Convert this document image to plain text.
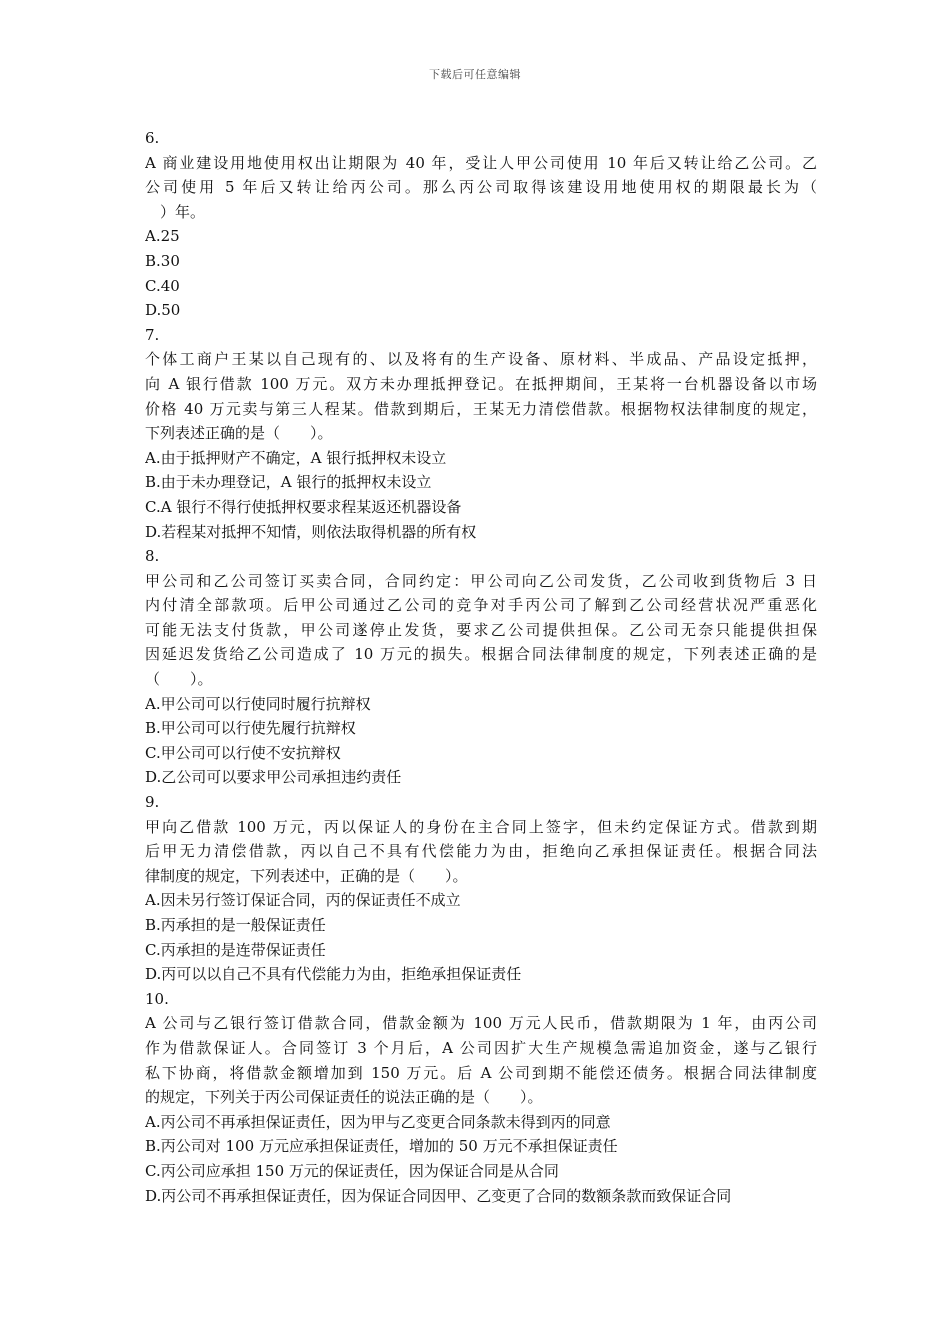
下载后可任意编辑
6.
A 商业建设用地使用权出让期限为 40 年，受让人甲公司使用 10 年后又转让给乙公司。乙
公司使用 5 年后又转让给丙公司。那么丙公司取得该建设用地使用权的期限最长为（
　）年。
A.25
B.30
C.40
D.50
7.
个体工商户王某以自己现有的、以及将有的生产设备、原材料、半成品、产品设定抵押，
向 A 银行借款 100 万元。双方未办理抵押登记。在抵押期间，王某将一台机器设备以市场
价格 40 万元卖与第三人程某。借款到期后，王某无力清偿借款。根据物权法律制度的规定，
下列表述正确的是（　　）。
A.由于抵押财产不确定，A 银行抵押权未设立
B.由于未办理登记，A 银行的抵押权未设立
C.A 银行不得行使抵押权要求程某返还机器设备
D.若程某对抵押不知情，则依法取得机器的所有权
8.
甲公司和乙公司签订买卖合同，合同约定：甲公司向乙公司发货，乙公司收到货物后 3 日
内付清全部款项。后甲公司通过乙公司的竞争对手丙公司了解到乙公司经营状况严重恶化
可能无法支付货款，甲公司遂停止发货，要求乙公司提供担保。乙公司无奈只能提供担保
因延迟发货给乙公司造成了 10 万元的损失。根据合同法律制度的规定，下列表述正确的是
（　　）。
A.甲公司可以行使同时履行抗辩权
B.甲公司可以行使先履行抗辩权
C.甲公司可以行使不安抗辩权
D.乙公司可以要求甲公司承担违约责任
9.
甲向乙借款 100 万元，丙以保证人的身份在主合同上签字，但未约定保证方式。借款到期
后甲无力清偿借款，丙以自己不具有代偿能力为由，拒绝向乙承担保证责任。根据合同法
律制度的规定，下列表述中，正确的是（　　）。
A.因未另行签订保证合同，丙的保证责任不成立
B.丙承担的是一般保证责任
C.丙承担的是连带保证责任
D.丙可以以自己不具有代偿能力为由，拒绝承担保证责任
10.
A 公司与乙银行签订借款合同，借款金额为 100 万元人民币，借款期限为 1 年，由丙公司
作为借款保证人。合同签订 3 个月后，A 公司因扩大生产规模急需追加资金，遂与乙银行
私下协商，将借款金额增加到 150 万元。后 A 公司到期不能偿还债务。根据合同法律制度
的规定，下列关于丙公司保证责任的说法正确的是（　　）。
A.丙公司不再承担保证责任，因为甲与乙变更合同条款未得到丙的同意
B.丙公司对 100 万元应承担保证责任，增加的 50 万元不承担保证责任
C.丙公司应承担 150 万元的保证责任，因为保证合同是从合同
D.丙公司不再承担保证责任，因为保证合同因甲、乙变更了合同的数额条款而致保证合同
